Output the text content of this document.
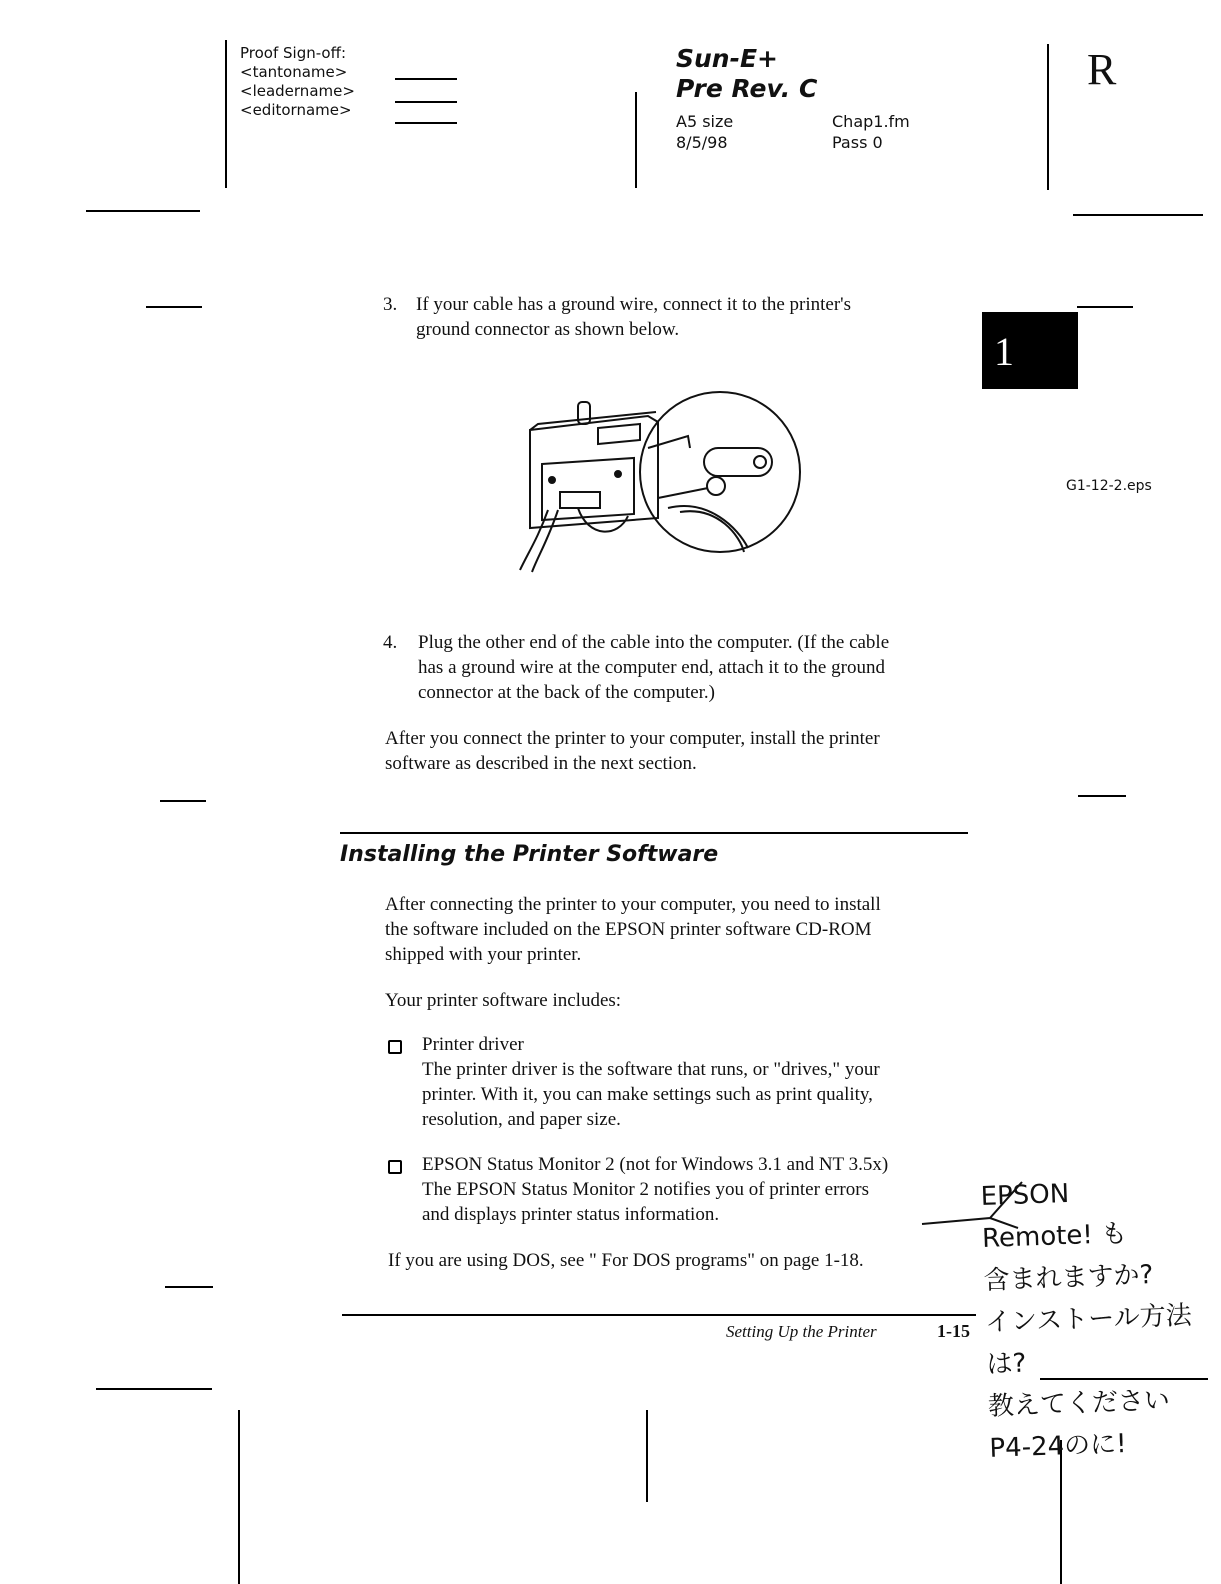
Proof Sign-off:
<tantoname>
<leadername>
<editorname>
Sun-E+
Pre Rev. C
A5 size
8/5/98
Chap1.fm
Pass 0
R
1
3. If your cable has a ground wire, connect it to the printer's
ground connector as shown below.
G1-12-2.eps
4. Plug the other end of the cable into the computer. (If the cable
has a ground wire at the computer end, attach it to the ground
connector at the back of the computer.)
After you connect the printer to your computer, install the printer
software as described in the next section.
Installing the Printer Software
After connecting the printer to your computer, you need to install
the software included on the EPSON printer software CD-ROM
shipped with your printer.
Your printer software includes:
Printer driver
The printer driver is the software that runs, or "drives," your
printer. With it, you can make settings such as print quality,
resolution, and paper size.
EPSON Status Monitor 2 (not for Windows 3.1 and NT 3.5x)
The EPSON Status Monitor 2 notifies you of printer errors
and displays printer status information.
If you are using DOS, see " For DOS programs" on page 1-18.
Setting Up the Printer	1-15
EPSON
Remote! も
含まれますか?
インストール方法
は?
教えてください
P4-24のに!
